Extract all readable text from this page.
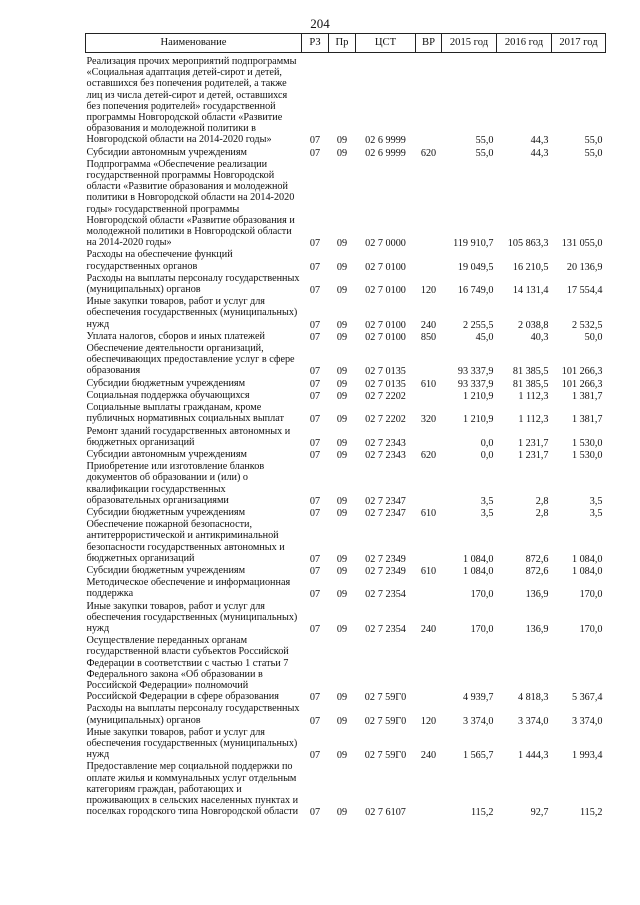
204
Наименование	РЗ	Пр	ЦСТ	ВР	2015 год	2016 год	2017 год
Реализация прочих мероприятий подпрограммы «Социальная адаптация детей-сирот и детей, оставшихся без попечения родителей, а также лиц из числа детей-сирот и детей, оставшихся без попечения родителей» государственной программы Новгородской области «Развитие образования и молодежной политики в Новгородской области на 2014-2020 годы»	07	09	02 6 9999		55,0	44,3	55,0
Субсидии автономным учреждениям	07	09	02 6 9999	620	55,0	44,3	55,0
Подпрограмма «Обеспечение реализации государственной программы Новгородской области «Развитие образования и молодежной политики в Новгородской области на 2014-2020 годы» государственной программы Новгородской области «Развитие образования и молодежной политики в Новгородской области на 2014-2020 годы»	07	09	02 7 0000		119 910,7	105 863,3	131 055,0
Расходы на обеспечение функций государственных органов	07	09	02 7 0100		19 049,5	16 210,5	20 136,9
Расходы на выплаты персоналу государственных (муниципальных) органов	07	09	02 7 0100	120	16 749,0	14 131,4	17 554,4
Иные закупки товаров, работ и услуг для обеспечения государственных (муниципальных) нужд	07	09	02 7 0100	240	2 255,5	2 038,8	2 532,5
Уплата налогов, сборов и иных платежей	07	09	02 7 0100	850	45,0	40,3	50,0
Обеспечение деятельности организаций, обеспечивающих предоставление услуг в сфере образования	07	09	02 7 0135		93 337,9	81 385,5	101 266,3
Субсидии бюджетным учреждениям	07	09	02 7 0135	610	93 337,9	81 385,5	101 266,3
Социальная поддержка обучающихся	07	09	02 7 2202		1 210,9	1 112,3	1 381,7
Социальные выплаты гражданам, кроме публичных нормативных социальных выплат	07	09	02 7 2202	320	1 210,9	1 112,3	1 381,7
Ремонт зданий государственных автономных и бюджетных организаций	07	09	02 7 2343		0,0	1 231,7	1 530,0
Субсидии автономным учреждениям	07	09	02 7 2343	620	0,0	1 231,7	1 530,0
Приобретение или изготовление бланков документов об образовании и (или) о квалификации государственных образовательных организациями	07	09	02 7 2347		3,5	2,8	3,5
Субсидии бюджетным учреждениям	07	09	02 7 2347	610	3,5	2,8	3,5
Обеспечение пожарной безопасности, антитеррористической и антикриминальной безопасности государственных автономных и бюджетных организаций	07	09	02 7 2349		1 084,0	872,6	1 084,0
Субсидии бюджетным учреждениям	07	09	02 7 2349	610	1 084,0	872,6	1 084,0
Методическое обеспечение и информационная поддержка	07	09	02 7 2354		170,0	136,9	170,0
Иные закупки товаров, работ и услуг для обеспечения государственных (муниципальных) нужд	07	09	02 7 2354	240	170,0	136,9	170,0
Осуществление переданных органам государственной власти субъектов Российской Федерации в соответствии с частью 1 статьи 7 Федерального закона «Об образовании в Российской Федерации» полномочий Российской Федерации в сфере образования	07	09	02 7 59Г0		4 939,7	4 818,3	5 367,4
Расходы на выплаты персоналу государственных (муниципальных) органов	07	09	02 7 59Г0	120	3 374,0	3 374,0	3 374,0
Иные закупки товаров, работ и услуг для обеспечения государственных (муниципальных) нужд	07	09	02 7 59Г0	240	1 565,7	1 444,3	1 993,4
Предоставление мер социальной поддержки по оплате жилья и коммунальных услуг отдельным категориям граждан, работающих и проживающих в сельских населенных пунктах и поселках городского типа Новгородской области	07	09	02 7 6107		115,2	92,7	115,2
